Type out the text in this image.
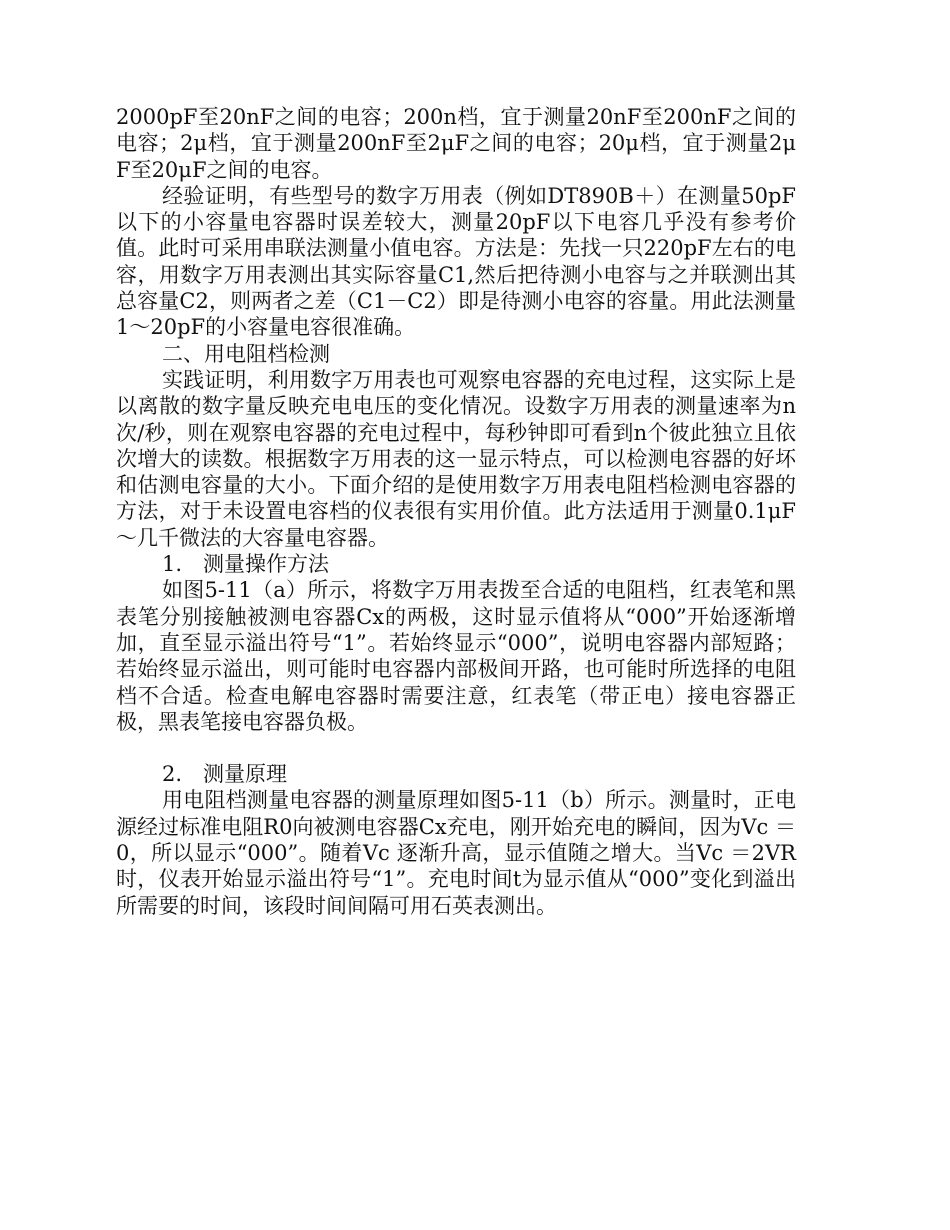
2000pF至20nF之间的电容；200n档，宜于测量20nF至200nF之间的电容；2μ档，宜于测量200nF至2μF之间的电容；20μ档，宜于测量2μF至20μF之间的电容。

经验证明，有些型号的数字万用表（例如DT890B＋）在测量50pF以下的小容量电容器时误差较大，测量20pF以下电容几乎没有参考价值。此时可采用串联法测量小值电容。方法是：先找一只220pF左右的电容，用数字万用表测出其实际容量C1,然后把待测小电容与之并联测出其总容量C2，则两者之差（C1－C2）即是待测小电容的容量。用此法测量1～20pF的小容量电容很准确。

二、用电阻档检测

实践证明，利用数字万用表也可观察电容器的充电过程，这实际上是以离散的数字量反映充电电压的变化情况。设数字万用表的测量速率为n次/秒，则在观察电容器的充电过程中，每秒钟即可看到n个彼此独立且依次增大的读数。根据数字万用表的这一显示特点，可以检测电容器的好坏和估测电容量的大小。下面介绍的是使用数字万用表电阻档检测电容器的方法，对于未设置电容档的仪表很有实用价值。此方法适用于测量0.1μF～几千微法的大容量电容器。

1.　测量操作方法

如图5-11（a）所示，将数字万用表拨至合适的电阻档，红表笔和黑表笔分别接触被测电容器Cx的两极，这时显示值将从“000”开始逐渐增加，直至显示溢出符号“1”。若始终显示“000”，说明电容器内部短路；若始终显示溢出，则可能时电容器内部极间开路，也可能时所选择的电阻档不合适。检查电解电容器时需要注意，红表笔（带正电）接电容器正极，黑表笔接电容器负极。

2.　测量原理

用电阻档测量电容器的测量原理如图5-11（b）所示。测量时，正电源经过标准电阻R0向被测电容器Cx充电，刚开始充电的瞬间，因为Vc ＝0，所以显示“000”。随着Vc 逐渐升高，显示值随之增大。当Vc ＝2VR 时，仪表开始显示溢出符号“1”。充电时间t为显示值从“000”变化到溢出所需要的时间，该段时间间隔可用石英表测出。
